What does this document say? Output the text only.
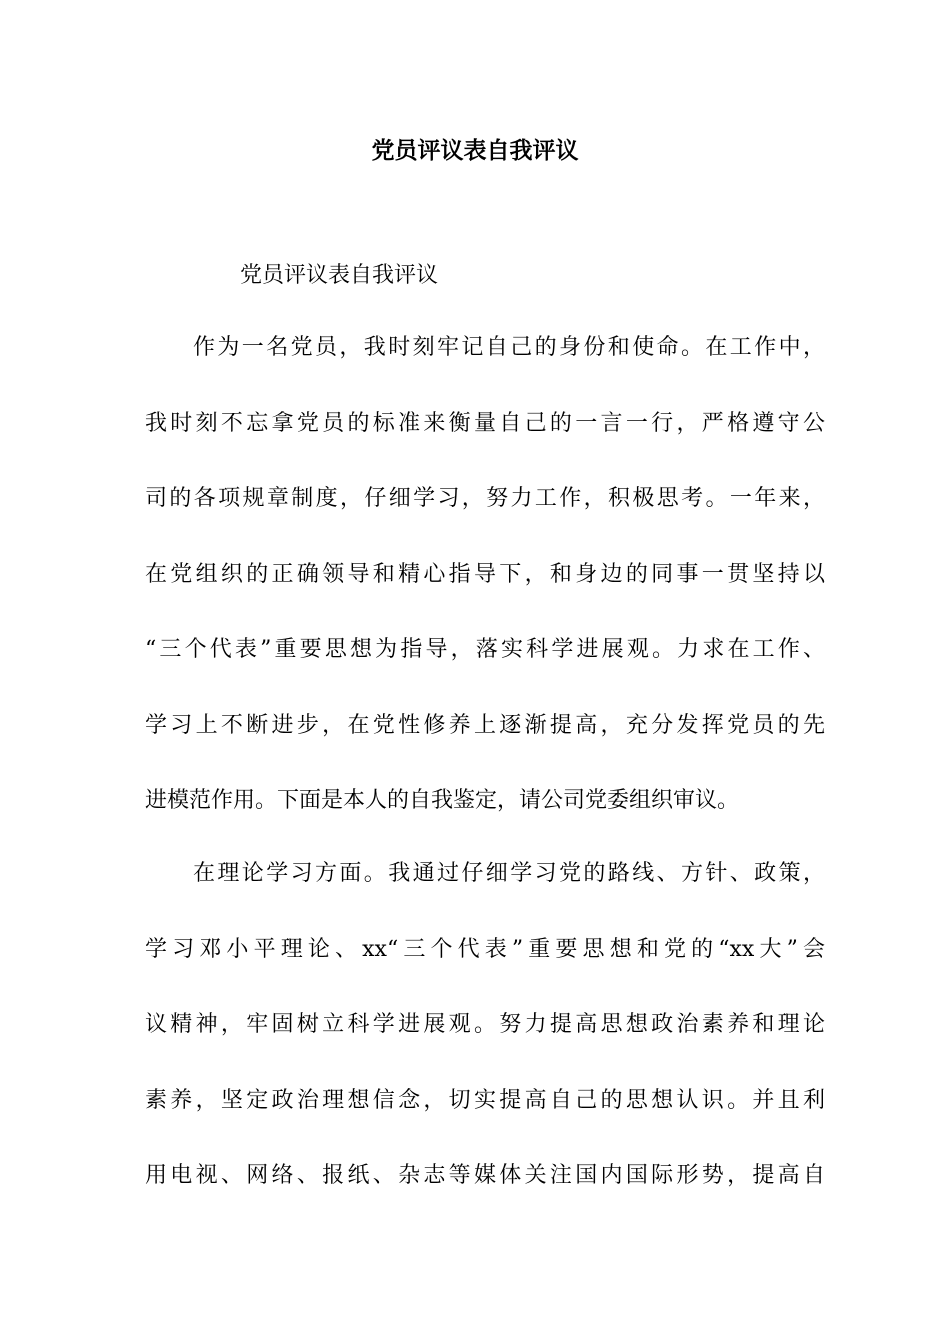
党员评议表自我评议

党员评议表自我评议

作为一名党员，我时刻牢记自己的身份和使命。在工作中，
我时刻不忘拿党员的标准来衡量自己的一言一行，严格遵守公
司的各项规章制度，仔细学习，努力工作，积极思考。一年来，
在党组织的正确领导和精心指导下，和身边的同事一贯坚持以
“三个代表”重要思想为指导，落实科学进展观。力求在工作、
学习上不断进步，在党性修养上逐渐提高，充分发挥党员的先
进模范作用。下面是本人的自我鉴定，请公司党委组织审议。
在理论学习方面。我通过仔细学习党的路线、方针、政策，
学习邓小平理论、xx“三个代表”重要思想和党的“xx大”会
议精神，牢固树立科学进展观。努力提高思想政治素养和理论
素养，坚定政治理想信念，切实提高自己的思想认识。并且利
用电视、网络、报纸、杂志等媒体关注国内国际形势，提高自
